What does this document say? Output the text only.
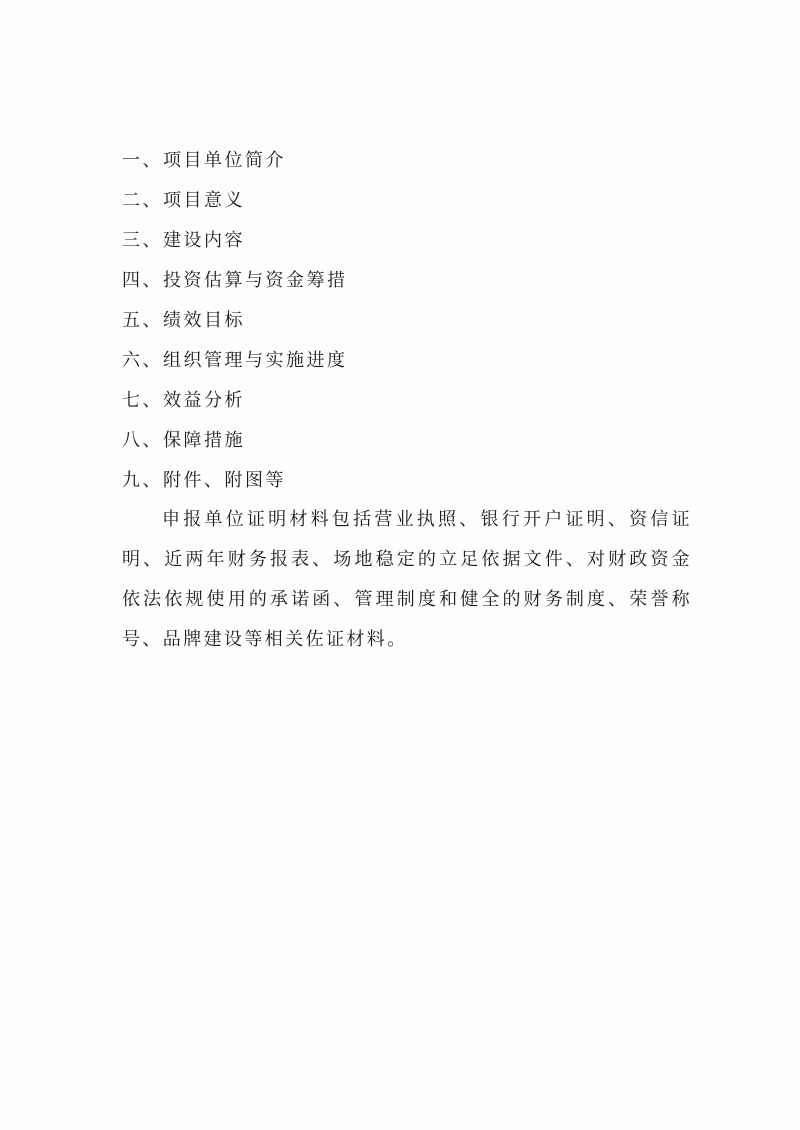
一、项目单位简介
二、项目意义
三、建设内容
四、投资估算与资金筹措
五、绩效目标
六、组织管理与实施进度
七、效益分析
八、保障措施
九、附件、附图等

申报单位证明材料包括营业执照、银行开户证明、资信证明、近两年财务报表、场地稳定的立足依据文件、对财政资金依法依规使用的承诺函、管理制度和健全的财务制度、荣誉称号、品牌建设等相关佐证材料。
